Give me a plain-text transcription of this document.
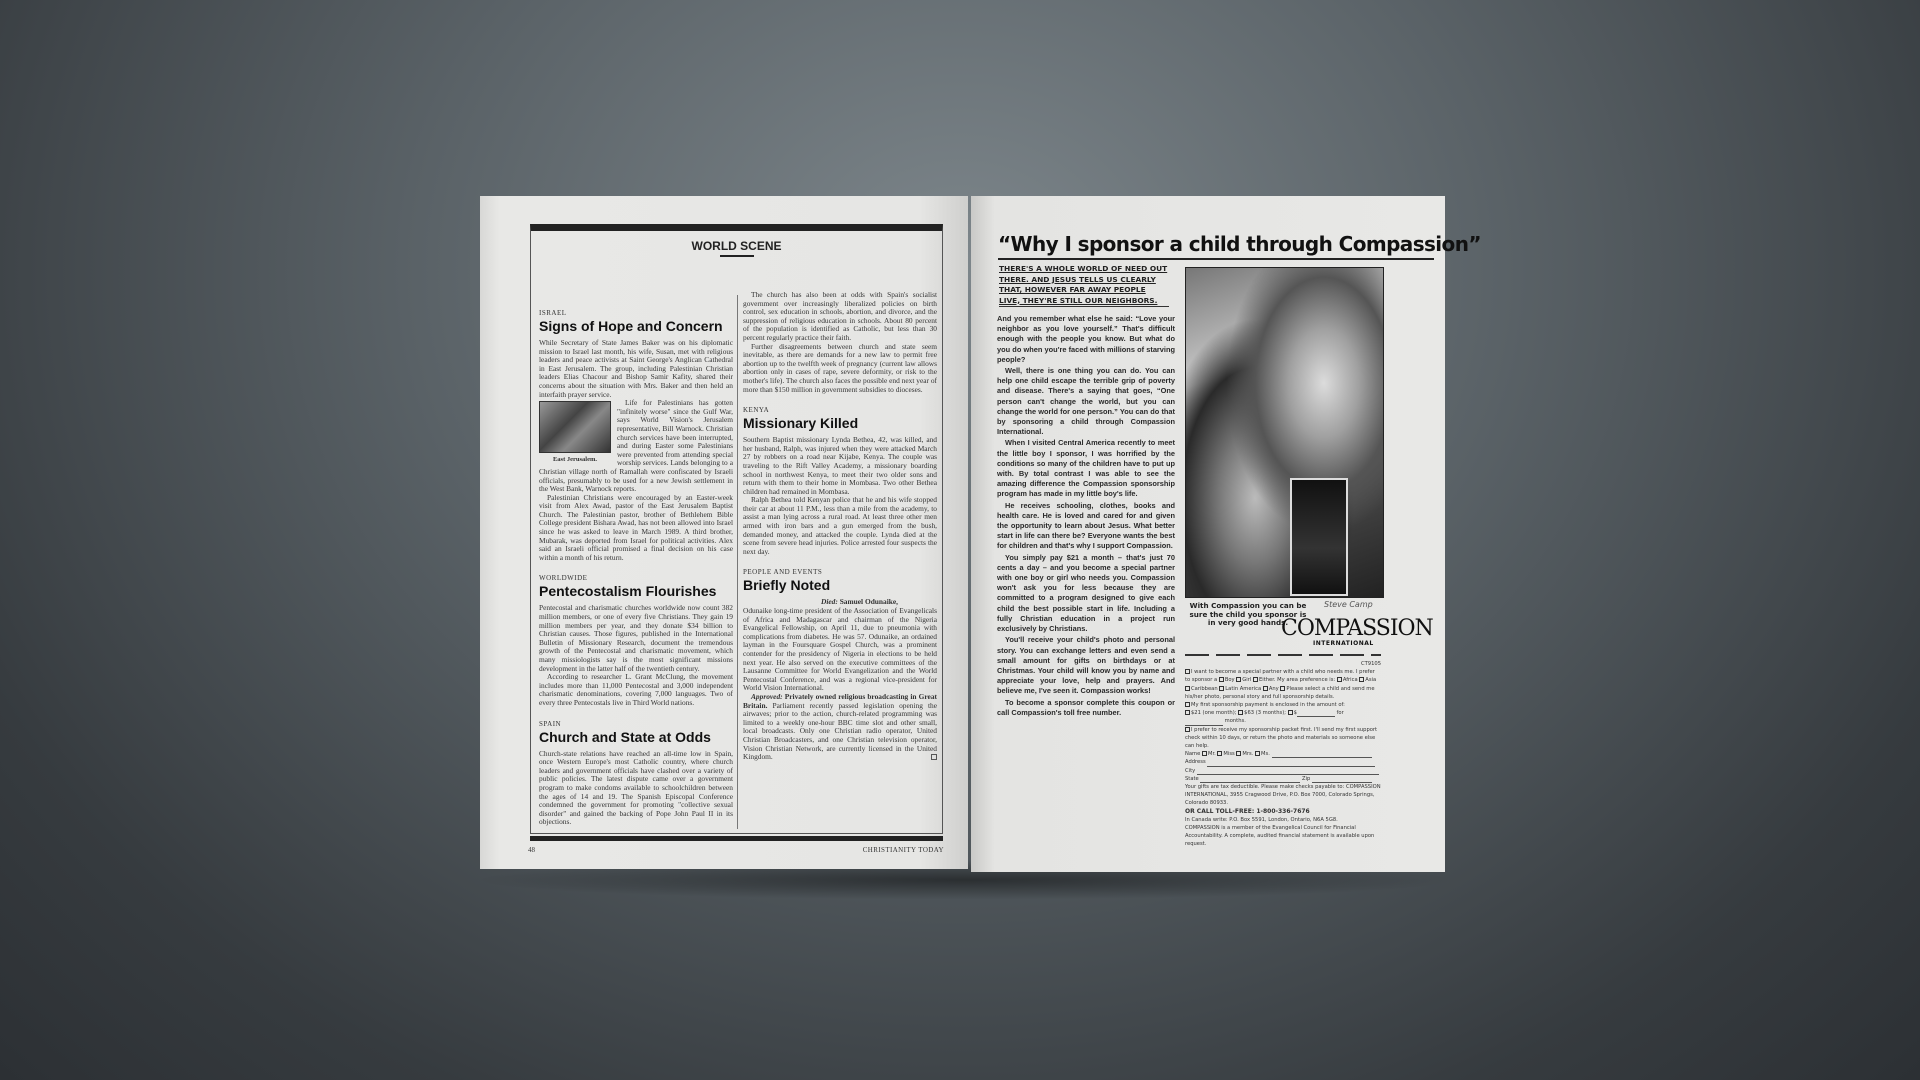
WORLD SCENE
ISRAEL
Signs of Hope and Concern

While Secretary of State James Baker was on his diplomatic mission to Israel last month, his wife, Susan, met with religious leaders and peace activists at Saint George's Anglican Cathedral in East Jerusalem. The group, including Palestinian Christian leaders Elias Chacour and Bishop Samir Kafity, shared their concerns about the situation with Mrs. Baker and then held an interfaith prayer service.

East Jerusalem.

Life for Palestinians has gotten "infinitely worse" since the Gulf War, says World Vision's Jerusalem representative, Bill Warnock. Christian church services have been interrupted, and during Easter some Palestinians were prevented from attending special worship services. Lands belonging to a Christian village north of Ramallah were confiscated by Israeli officials, presumably to be used for a new Jewish settlement in the West Bank, Warnock reports.

Palestinian Christians were encouraged by an Easter-week visit from Alex Awad, pastor of the East Jerusalem Baptist Church. The Palestinian pastor, brother of Bethlehem Bible College president Bishara Awad, has not been allowed into Israel since he was asked to leave in March 1989. A third brother, Mubarak, was deported from Israel for political activities. Alex said an Israeli official promised a final decision on his case within a month of his return.

WORLDWIDE
Pentecostalism Flourishes

Pentecostal and charismatic churches worldwide now count 382 million members, or one of every five Christians. They gain 19 million members per year, and they donate $34 billion to Christian causes. Those figures, published in the International Bulletin of Missionary Research, document the tremendous growth of the Pentecostal and charismatic movement, which many missiologists say is the most significant missions development in the latter half of the twentieth century.

According to researcher L. Grant McClung, the movement includes more than 11,000 Pentecostal and 3,000 independent charismatic denominations, covering 7,000 languages. Two of every three Pentecostals live in Third World nations.

SPAIN
Church and State at Odds

Church-state relations have reached an all-time low in Spain, once Western Europe's most Catholic country, where church leaders and government officials have clashed over a variety of public policies. The latest dispute came over a government program to make condoms available to schoolchildren between the ages of 14 and 19. The Spanish Episcopal Conference condemned the government for promoting "collective sexual disorder" and gained the backing of Pope John Paul II in its objections.

The church has also been at odds with Spain's socialist government over increasingly liberalized policies on birth control, sex education in schools, abortion, and divorce, and the suppression of religious education in schools. About 80 percent of the population is identified as Catholic, but less than 30 percent regularly practice their faith.

Further disagreements between church and state seem inevitable, as there are demands for a new law to permit free abortion up to the twelfth week of pregnancy (current law allows abortion only in cases of rape, severe deformity, or risk to the mother's life). The church also faces the possible end next year of more than $150 million in government subsidies to dioceses.

KENYA
Missionary Killed

Southern Baptist missionary Lynda Bethea, 42, was killed, and her husband, Ralph, was injured when they were attacked March 27 by robbers on a road near Kijabe, Kenya. The couple was traveling to the Rift Valley Academy, a missionary boarding school in northwest Kenya, to meet their two older sons and return with them to their home in Mombasa. Two other Bethea children had remained in Mombasa.

Ralph Bethea told Kenyan police that he and his wife stopped their car at about 11 P.M., less than a mile from the academy, to assist a man lying across a rural road. At least three other men armed with iron bars and a gun emerged from the bush, demanded money, and attacked the couple. Lynda died at the scene from severe head injuries. Police arrested four suspects the next day.

PEOPLE AND EVENTS
Briefly Noted

Died: Samuel Odunaike,

Odunaike long-time president of the Association of Evangelicals of Africa and Madagascar and chairman of the Nigeria Evangelical Fellowship, on April 11, due to pneumonia with complications from diabetes. He was 57. Odunaike, an ordained layman in the Foursquare Gospel Church, was a prominent contender for the presidency of Nigeria in elections to be held next year. He also served on the executive committees of the Lausanne Committee for World Evangelization and the World Pentecostal Conference, and was a regional vice-president for World Vision International.

Approved: Privately owned religious broadcasting in Great Britain. Parliament recently passed legislation opening the airwaves; prior to the action, church-related programming was limited to a weekly one-hour BBC time slot and other small, local broadcasts. Only one Christian radio operator, United Christian Broadcasters, and one Christian television operator, Vision Christian Network, are currently licensed in the United Kingdom.

48	CHRISTIANITY TODAY
“Why I sponsor a child through Compassion”
THERE'S A WHOLE WORLD OF NEED OUT THERE. AND JESUS TELLS US CLEARLY THAT, HOWEVER FAR AWAY PEOPLE LIVE, THEY'RE STILL OUR NEIGHBORS.

And you remember what else he said: “Love your neighbor as you love yourself.” That's difficult enough with the people you know. But what do you do when you're faced with millions of starving people?

Well, there is one thing you can do. You can help one child escape the terrible grip of poverty and disease. There's a saying that goes, “One person can't change the world, but you can change the world for one person.” You can do that by sponsoring a child through Compassion International.

When I visited Central America recently to meet the little boy I sponsor, I was horrified by the conditions so many of the children have to put up with. By total contrast I was able to see the amazing difference the Compassion sponsorship program has made in my little boy's life.

He receives schooling, clothes, books and health care. He is loved and cared for and given the opportunity to learn about Jesus. What better start in life can there be? Everyone wants the best for children and that's why I support Compassion.

You simply pay $21 a month – that's just 70 cents a day – and you become a special partner with one boy or girl who needs you. Compassion won't ask you for less because they are committed to a program designed to give each child the best possible start in life. Including a fully Christian education in a project run exclusively by Christians.

You'll receive your child's photo and personal story. You can exchange letters and even send a small amount for gifts on birthdays or at Christmas. Your child will know you by name and appreciate your love, help and prayers. And believe me, I've seen it. Compassion works!

To become a sponsor complete this coupon or call Compassion's toll free number.

With Compassion you can be sure the child you sponsor is in very good hands.
Steve Camp
COMPASSION
INTERNATIONAL
CT9105
I want to become a special partner with a child who needs me. I prefer to sponsor a Boy Girl Either. My area preference is: Africa Asia Caribbean Latin America Any Please select a child and send me his/her photo, personal story and full sponsorship details.
My first sponsorship payment is enclosed in the amount of:
$21 (one month); $63 (3 months); $	for  months.
I prefer to receive my sponsorship packet first. I'll send my first support check within 10 days, or return the photo and materials so someone else can help.
Name Mr. Miss Mrs. Ms.
Address
City
State	Zip
Your gifts are tax deductible. Please make checks payable to: COMPASSION INTERNATIONAL, 3955 Cragwood Drive, P.O. Box 7000, Colorado Springs, Colorado 80933.
OR CALL TOLL-FREE: 1-800-336-7676
In Canada write: P.O. Box 5591, London, Ontario, N6A 5G8.
COMPASSION is a member of the Evangelical Council for Financial Accountability. A complete, audited financial statement is available upon request.
